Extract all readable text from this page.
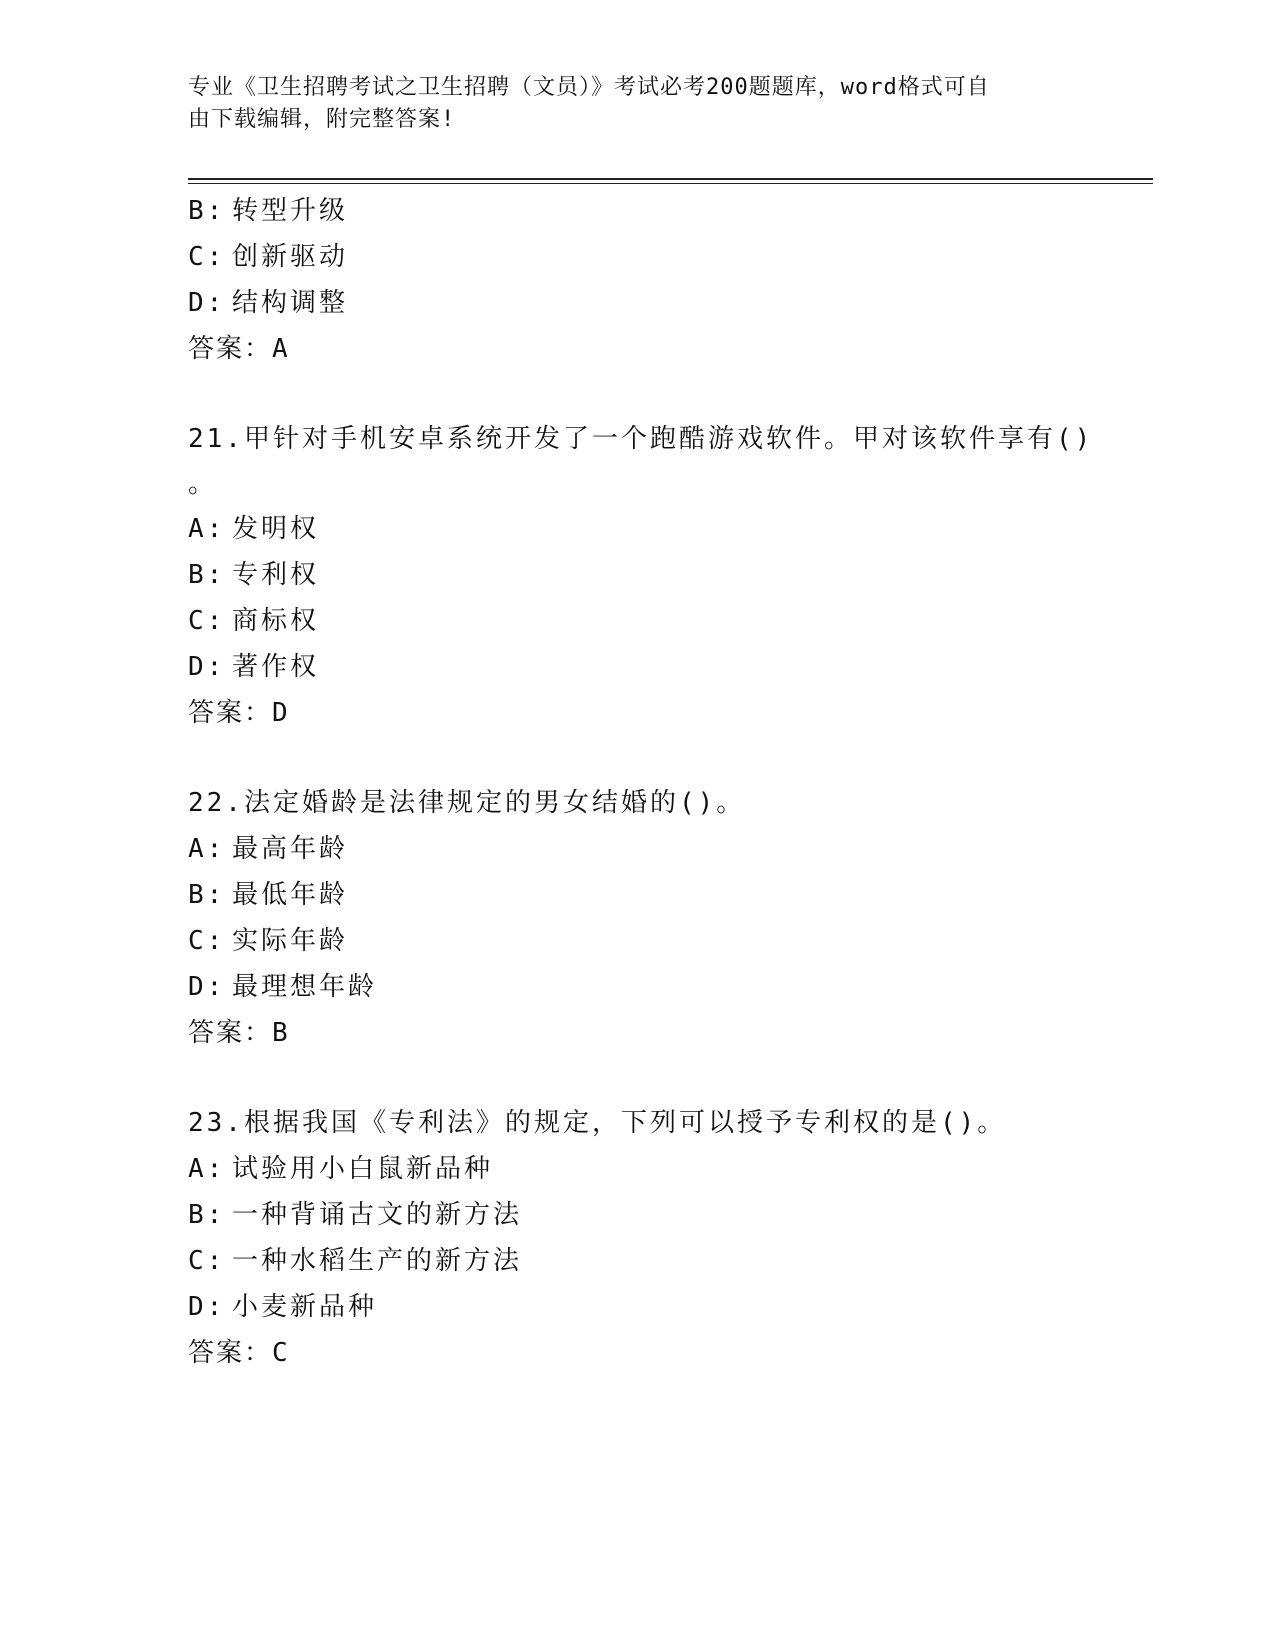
专业《卫生招聘考试之卫生招聘（文员）》考试必考200题题库，word格式可自
由下载编辑，附完整答案!
B: 转型升级
C: 创新驱动
D: 结构调整
答案：A
21.甲针对手机安卓系统开发了一个跑酷游戏软件。甲对该软件享有()
。
A: 发明权
B: 专利权
C: 商标权
D: 著作权
答案：D
22.法定婚龄是法律规定的男女结婚的()。
A: 最高年龄
B: 最低年龄
C: 实际年龄
D: 最理想年龄
答案：B
23.根据我国《专利法》的规定，下列可以授予专利权的是()。
A: 试验用小白鼠新品种
B: 一种背诵古文的新方法
C: 一种水稻生产的新方法
D: 小麦新品种
答案：C
